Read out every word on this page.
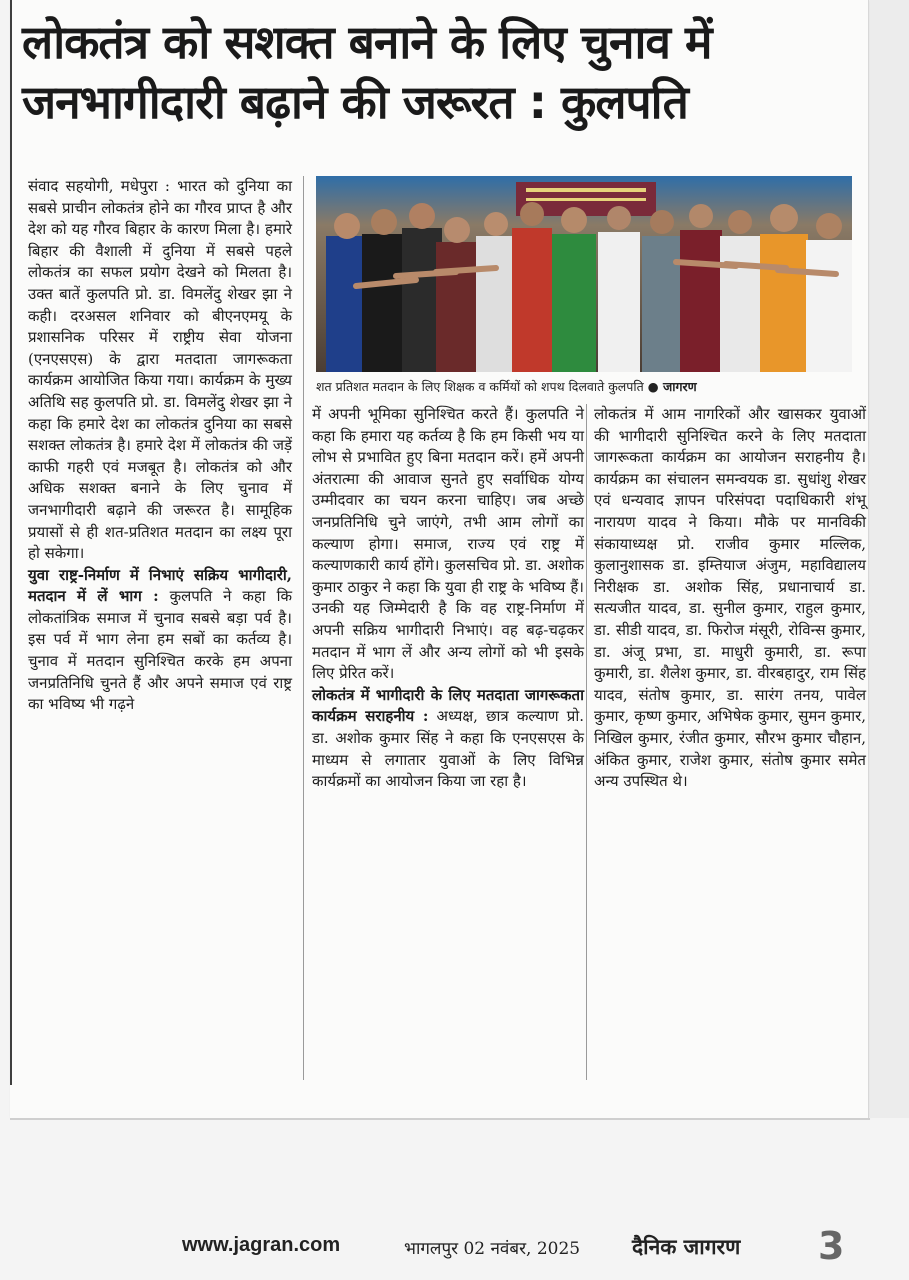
लोकतंत्र को सशक्त बनाने के लिए चुनाव में जनभागीदारी बढ़ाने की जरूरत : कुलपति
शत प्रतिशत मतदान के लिए शिक्षक व कर्मियों को शपथ दिलवाते कुलपति ● जागरण

संवाद सहयोगी, मधेपुरा : भारत को दुनिया का सबसे प्राचीन लोकतंत्र होने का गौरव प्राप्त है और देश को यह गौरव बिहार के कारण मिला है। हमारे बिहार की वैशाली में दुनिया में सबसे पहले लोकतंत्र का सफल प्रयोग देखने को मिलता है। उक्त बातें कुलपति प्रो. डा. विमलेंदु शेखर झा ने कही। दरअसल शनिवार को बीएनएमयू के प्रशासनिक परिसर में राष्ट्रीय सेवा योजना (एनएसएस) के द्वारा मतदाता जागरूकता कार्यक्रम आयोजित किया गया। कार्यक्रम के मुख्य अतिथि सह कुलपति प्रो. डा. विमलेंदु शेखर झा ने कहा कि हमारे देश का लोकतंत्र दुनिया का सबसे सशक्त लोकतंत्र है। हमारे देश में लोकतंत्र की जड़ें काफी गहरी एवं मजबूत है। लोकतंत्र को और अधिक सशक्त बनाने के लिए चुनाव में जनभागीदारी बढ़ाने की जरूरत है। सामूहिक प्रयासों से ही शत-प्रतिशत मतदान का लक्ष्य पूरा हो सकेगा।

युवा राष्ट्र-निर्माण में निभाएं सक्रिय भागीदारी, मतदान में लें भाग : कुलपति ने कहा कि लोकतांत्रिक समाज में चुनाव सबसे बड़ा पर्व है। इस पर्व में भाग लेना हम सबों का कर्तव्य है। चुनाव में मतदान सुनिश्चित करके हम अपना जनप्रतिनिधि चुनते हैं और अपने समाज एवं राष्ट्र का भविष्य भी गढ़ने

में अपनी भूमिका सुनिश्चित करते हैं। कुलपति ने कहा कि हमारा यह कर्तव्य है कि हम किसी भय या लोभ से प्रभावित हुए बिना मतदान करें। हमें अपनी अंतरात्मा की आवाज सुनते हुए सर्वाधिक योग्य उम्मीदवार का चयन करना चाहिए। जब अच्छे जनप्रतिनिधि चुने जाएंगे, तभी आम लोगों का कल्याण होगा। समाज, राज्य एवं राष्ट्र में कल्याणकारी कार्य होंगे। कुलसचिव प्रो. डा. अशोक कुमार ठाकुर ने कहा कि युवा ही राष्ट्र के भविष्य हैं। उनकी यह जिम्मेदारी है कि वह राष्ट्र-निर्माण में अपनी सक्रिय भागीदारी निभाएं। वह बढ़-चढ़कर मतदान में भाग लें और अन्य लोगों को भी इसके लिए प्रेरित करें।

लोकतंत्र में भागीदारी के लिए मतदाता जागरूकता कार्यक्रम सराहनीय : अध्यक्ष, छात्र कल्याण प्रो. डा. अशोक कुमार सिंह ने कहा कि एनएसएस के माध्यम से लगातार युवाओं के लिए विभिन्न कार्यक्रमों का आयोजन किया जा रहा है।

लोकतंत्र में आम नागरिकों और खासकर युवाओं की भागीदारी सुनिश्चित करने के लिए मतदाता जागरूकता कार्यक्रम का आयोजन सराहनीय है। कार्यक्रम का संचालन समन्वयक डा. सुधांशु शेखर एवं धन्यवाद ज्ञापन परिसंपदा पदाधिकारी शंभू नारायण यादव ने किया। मौके पर मानविकी संकायाध्यक्ष प्रो. राजीव कुमार मल्लिक, कुलानुशासक डा. इम्तियाज अंजुम, महाविद्यालय निरीक्षक डा. अशोक सिंह, प्रधानाचार्य डा. सत्यजीत यादव, डा. सुनील कुमार, राहुल कुमार, डा. सीडी यादव, डा. फिरोज मंसूरी, रोविन्स कुमार, डा. अंजू प्रभा, डा. माधुरी कुमारी, डा. रूपा कुमारी, डा. शैलेश कुमार, डा. वीरबहादुर, राम सिंह यादव, संतोष कुमार, डा. सारंग तनय, पावेल कुमार, कृष्ण कुमार, अभिषेक कुमार, सुमन कुमार, निखिल कुमार, रंजीत कुमार, सौरभ कुमार चौहान, अंकित कुमार, राजेश कुमार, संतोष कुमार समेत अन्य उपस्थित थे।

www.jagran.com	भागलपुर 02 नवंबर, 2025 दैनिक जागरण 3
